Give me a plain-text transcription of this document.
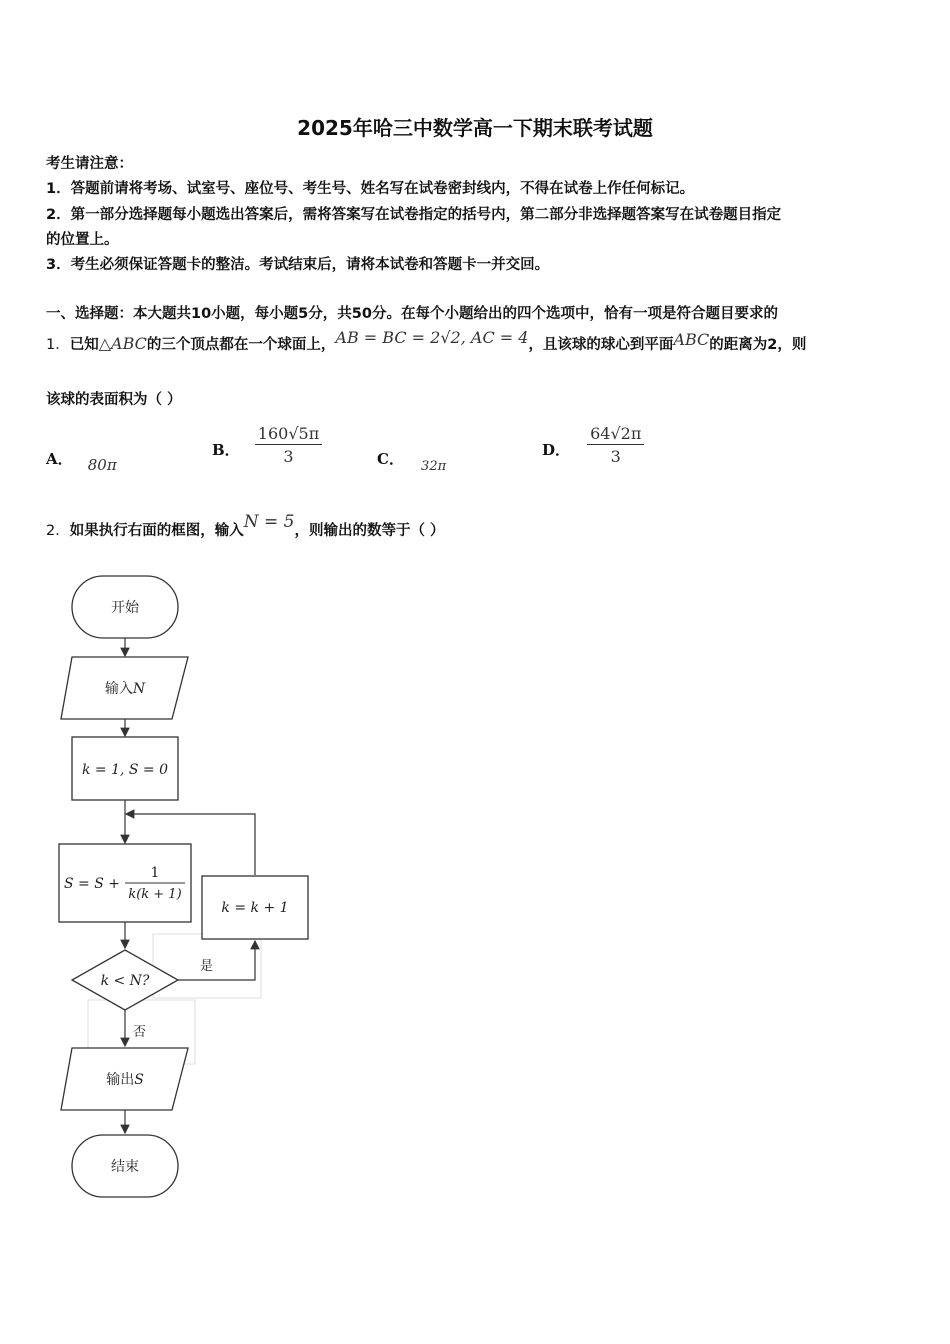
2025年哈三中数学高一下期末联考试题
考生请注意：
1．答题前请将考场、试室号、座位号、考生号、姓名写在试卷密封线内，不得在试卷上作任何标记。
2．第一部分选择题每小题选出答案后，需将答案写在试卷指定的括号内，第二部分非选择题答案写在试卷题目指定
的位置上。
3．考生必须保证答题卡的整洁。考试结束后，请将本试卷和答题卡一并交回。
一、选择题：本大题共10小题，每小题5分，共50分。在每个小题给出的四个选项中，恰有一项是符合题目要求的
1．已知△ABC的三个顶点都在一个球面上，AB = BC = 2√2, AC = 4，且该球的球心到平面ABC的距离为2，则
该球的表面积为（ ）
A． 80π
B． $\frac{160√5\pi}{3}$	C． $_{32\pi}$
D． $\frac{64√2\pi}{3}$
2．如果执行右面的框图，输入N = 5，则输出的数等于（ ）
开始
输入N
k = 1, S = 0
S = S +
1
k(k + 1)
k = k + 1
k < N?
是
否
输出S
结束
